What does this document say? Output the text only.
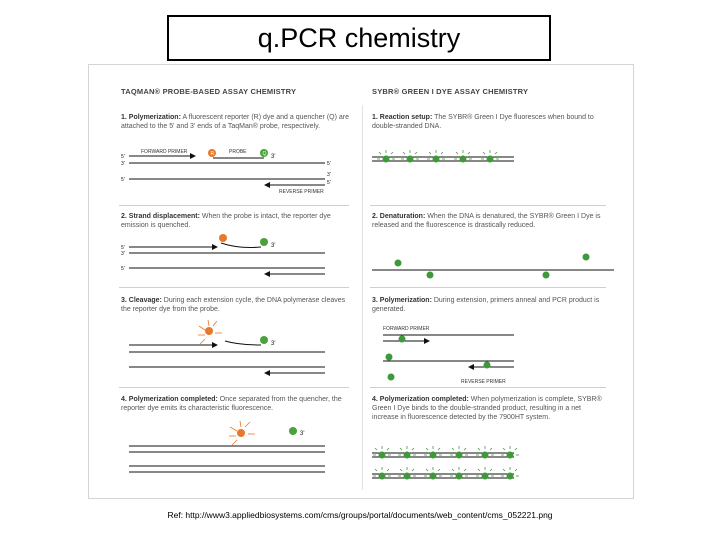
q.PCR chemistry
TAQMAN® PROBE-BASED ASSAY CHEMISTRY	SYBR® GREEN I DYE ASSAY CHEMISTRY
1. Polymerization: A fluorescent reporter (R) dye and a quencher (Q) are attached to the 5' and 3' ends of a TaqMan® probe, respectively.
2. Strand displacement: When the probe is intact, the reporter dye emission is quenched.
3. Cleavage: During each extension cycle, the DNA polymerase cleaves the reporter dye from the probe.
4. Polymerization completed: Once separated from the quencher, the reporter dye emits its characteristic fluorescence.
1. Reaction setup: The SYBR® Green I Dye fluoresces when bound to double-stranded DNA.
2. Denaturation: When the DNA is denatured, the SYBR® Green I Dye is released and the fluorescence is drastically reduced.
3. Polymerization: During extension, primers anneal and PCR product is generated.
4. Polymerization completed: When polymerization is complete, SYBR® Green I Dye binds to the double-stranded product, resulting in a net increase in fluorescence detected by the 7900HT system.
FORWARD PRIMER	PROBE
5'
3'
5'
R	Q 3'
5'
3'
5'
REVERSE PRIMER
5'
3'
5'
3'
3'
3'
FORWARD PRIMER
REVERSE PRIMER
Ref: http://www3.appliedbiosystems.com/cms/groups/portal/documents/web_content/cms_052221.png
